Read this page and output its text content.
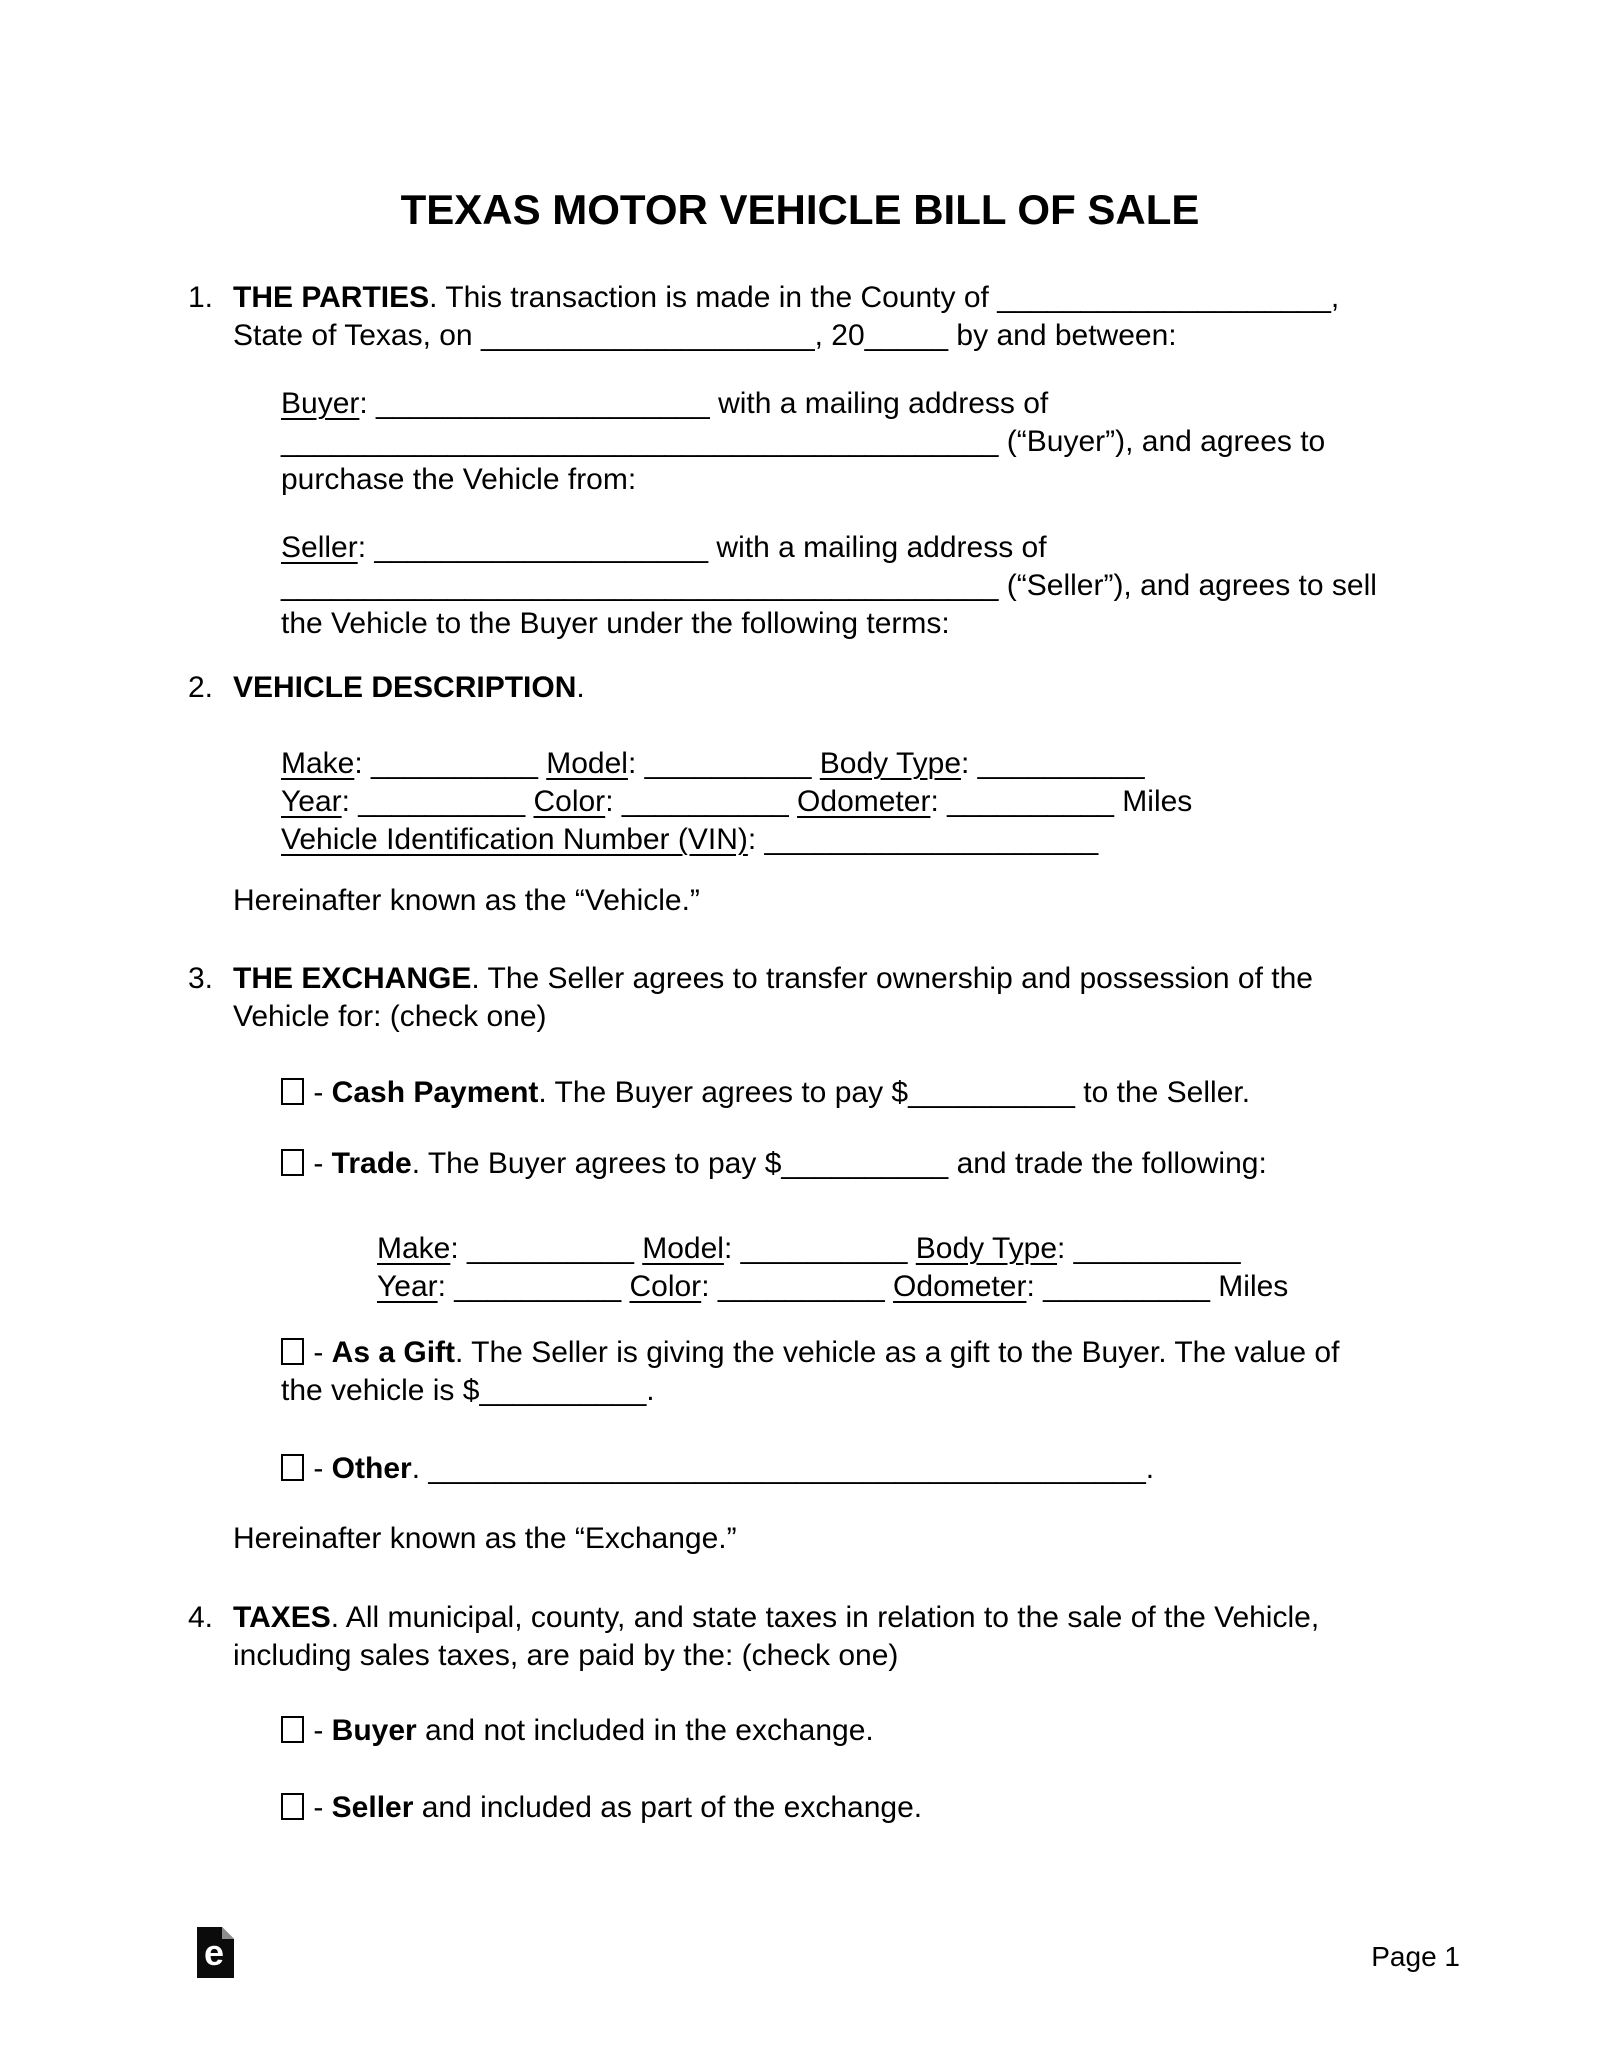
TEXAS MOTOR VEHICLE BILL OF SALE
1. THE PARTIES. This transaction is made in the County of ____________________,
State of Texas, on ____________________, 20_____ by and between:
Buyer: ____________________ with a mailing address of
___________________________________________ (“Buyer”), and agrees to
purchase the Vehicle from:
Seller: ____________________ with a mailing address of
___________________________________________ (“Seller”), and agrees to sell
the Vehicle to the Buyer under the following terms:
2. VEHICLE DESCRIPTION.
Make: __________ Model: __________ Body Type: __________
Year: __________ Color: __________ Odometer: __________ Miles
Vehicle Identification Number (VIN): ____________________
Hereinafter known as the “Vehicle.”
3. THE EXCHANGE. The Seller agrees to transfer ownership and possession of the
Vehicle for: (check one)
- Cash Payment. The Buyer agrees to pay $__________ to the Seller.
- Trade. The Buyer agrees to pay $__________ and trade the following:
Make: __________ Model: __________ Body Type: __________
Year: __________ Color: __________ Odometer: __________ Miles
- As a Gift. The Seller is giving the vehicle as a gift to the Buyer. The value of
the vehicle is $__________.
- Other. ___________________________________________.
Hereinafter known as the “Exchange.”
4. TAXES. All municipal, county, and state taxes in relation to the sale of the Vehicle,
including sales taxes, are paid by the: (check one)
- Buyer and not included in the exchange.
- Seller and included as part of the exchange.
e	Page 1
